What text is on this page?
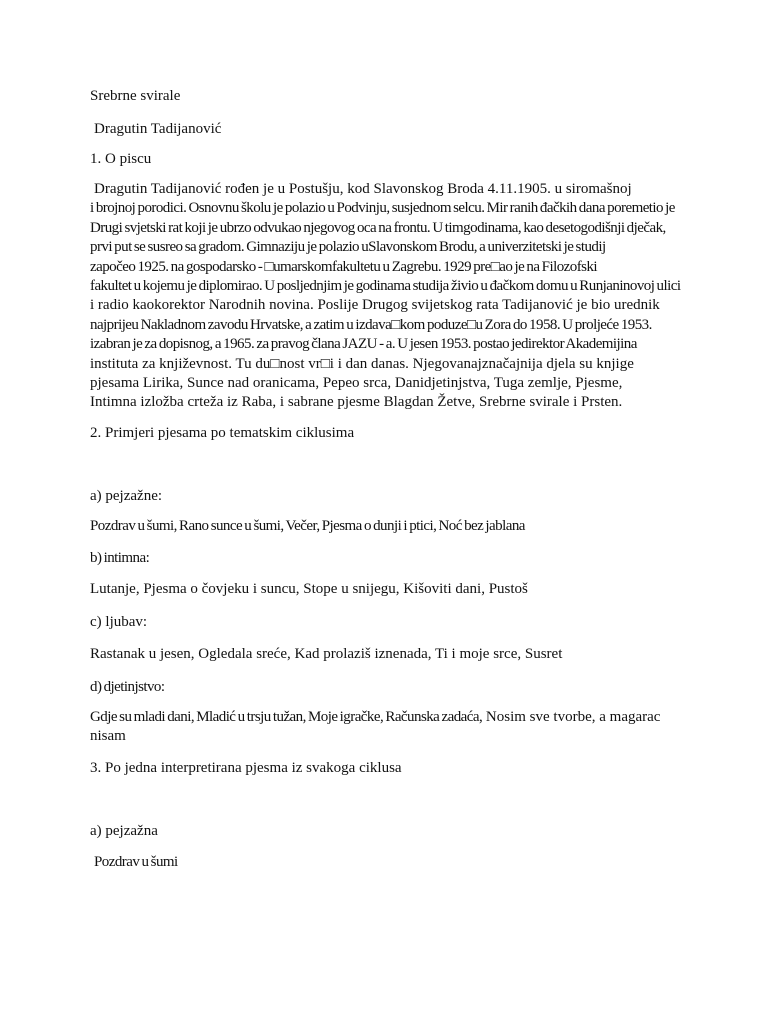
Srebrne svirale

Dragutin Tadijanović

1. O piscu

Dragutin Tadijanović rođen je u Postušju, kod Slavonskog Broda 4.11.1905. u siromašnoj
i brojnoj porodici. Osnovnu školu je polazio u Podvinju, susjednom selcu. Mir ranih đačkih dana poremetio je
Drugi svjetski rat koji je ubrzo odvukao njegovog oca na frontu. U timgodinama, kao desetogodišnji dječak,
prvi put se susreo sa gradom. Gimnaziju je polazio uSlavonskom Brodu, a univerzitetski je studij
započeo 1925. na gospodarsko - □umarskomfakultetu u Zagrebu. 1929 pre□ao je na Filozofski
fakultet u kojemu je diplomirao. U posljednjim je godinama studija živio u đačkom domu u Runjaninovoj ulici
i radio kaokorektor Narodnih novina. Poslije Drugog svijetskog rata Tadijanović je bio urednik
najprijeu Nakladnom zavodu Hrvatske, a zatim u izdava□kom poduze□u Zora do 1958. U proljeće 1953.
izabran je za dopisnog, a 1965. za pravog člana JAZU - a. U jesen 1953. postao jedirektor Akademijina
instituta za književnost. Tu du□nost vr□i i dan danas. Njegovanajznačajnija djela su knjige
pjesama Lirika, Sunce nad oranicama, Pepeo srca, Danidjetinjstva, Tuga zemlje, Pjesme,
Intimna izložba crteža iz Raba, i sabrane pjesme Blagdan Žetve, Srebrne svirale i Prsten.

2. Primjeri pjesama po tematskim ciklusima

a) pejzažne:

Pozdrav u šumi, Rano sunce u šumi, Večer, Pjesma o dunji i ptici, Noć bez jablana

b) intimna:

Lutanje, Pjesma o čovjeku i suncu, Stope u snijegu, Kišoviti dani, Pustoš

c) ljubav:

Rastanak u jesen, Ogledala sreće, Kad prolaziš iznenada, Ti i moje srce, Susret

d) djetinjstvo:

Gdje su mladi dani, Mladić u trsju tužan, Moje igračke, Računska zadaća, Nosim sve tvorbe, a magarac

nisam

3. Po jedna interpretirana pjesma iz svakoga ciklusa

a) pejzažna

Pozdrav u šumi
